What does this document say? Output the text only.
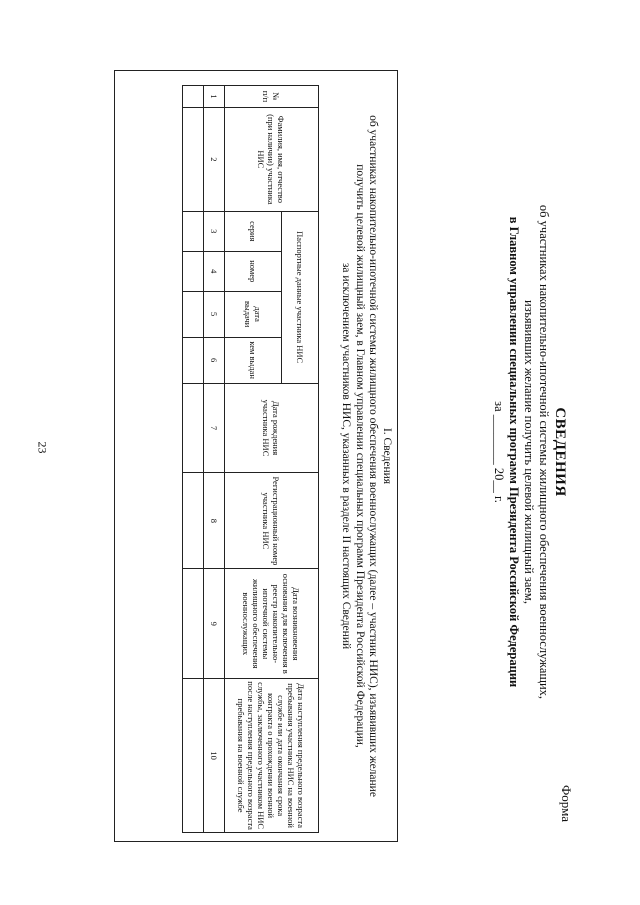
23
Форма
СВЕДЕНИЯ
об участниках накопительно-ипотечной системы жилищного обеспечения военнослужащих,
изъявивших желание получить целевой жилищный заем,
в Главном управлении специальных программ Президента Российской Федерации
за ________ 20__ г.
I. Сведения
об участниках накопительно-ипотечной системы жилищного обеспечения военнослужащих (далее – участник НИС), изъявивших желание
получить целевой жилищный заем, в Главном управлении специальных программ Президента Российской Федерации,
за исключением участников НИС, указанных в разделе II настоящих Сведений
№ п/п	Фамилия, имя, отчество (при наличии) участника НИС	Паспортные данные участника НИС				Дата рождения участника НИС	Регистрационный номер участника НИС	Дата возникновения основания для включения в реестр накопительно-ипотечной системы жилищного обеспечения военнослужащих	Дата наступления предельного возраста пребывания участника НИС на военной службе или дата окончания срока контракта о прохождении военной службы, заключенного участником НИС после наступления предельного возраста пребывания на военной службе
		серия	номер	дата выдачи	кем выдан				
1	2	3	4	5	6	7	8	9	10
